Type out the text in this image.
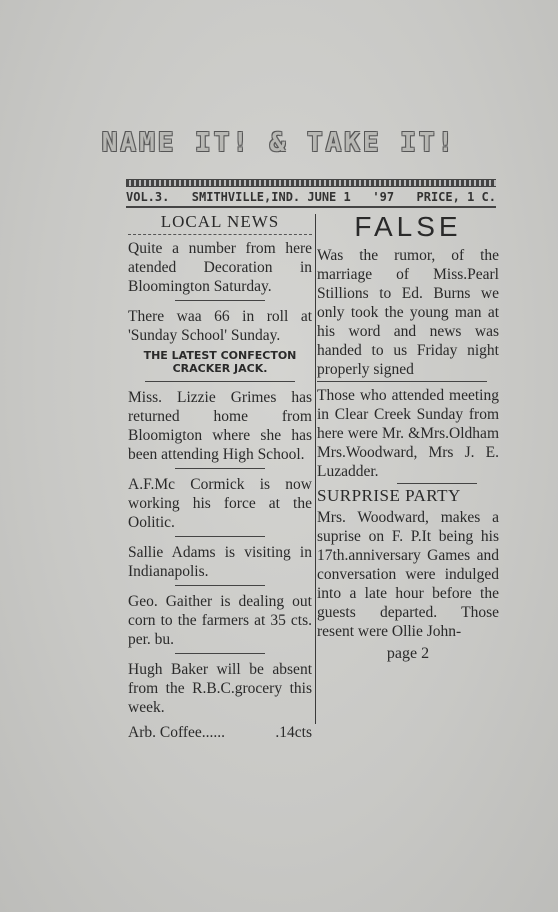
NAME IT! & TAKE IT!
VOL.3. SMITHVILLE,IND. JUNE 1   '97 PRICE, 1 C.
LOCAL NEWS

Quite a number from here atended Decoration in Bloomington Saturday.

There waa 66 in roll at 'Sunday School' Sunday.

THE LATEST CONFECTON CRACKER JACK.

Miss. Lizzie Grimes has returned home from Bloomigton where she has been attending High School.

A.F.Mc Cormick is now working his force at the Oolitic.

Sallie Adams is visiting in Indianapolis.

Geo. Gaither is dealing out corn to the farmers at 35 cts. per. bu.

Hugh Baker will be absent from the R.B.C.grocery this week.

Arb. Coffee......	.14cts
FALSE

Was the rumor, of the marriage of Miss.Pearl Stillions to Ed. Burns we only took the young man at his word and news was handed to us Friday night properly signed

Those who attended meeting in Clear Creek Sunday from here were Mr. &Mrs.Oldham Mrs.Woodward, Mrs J. E. Luzadder.

SURPRISE PARTY

Mrs. Woodward, makes a suprise on F. P.It being his 17th.anniversary Games and conversation were indulged into a late hour before the guests departed. Those resent were Ollie John-

page 2
